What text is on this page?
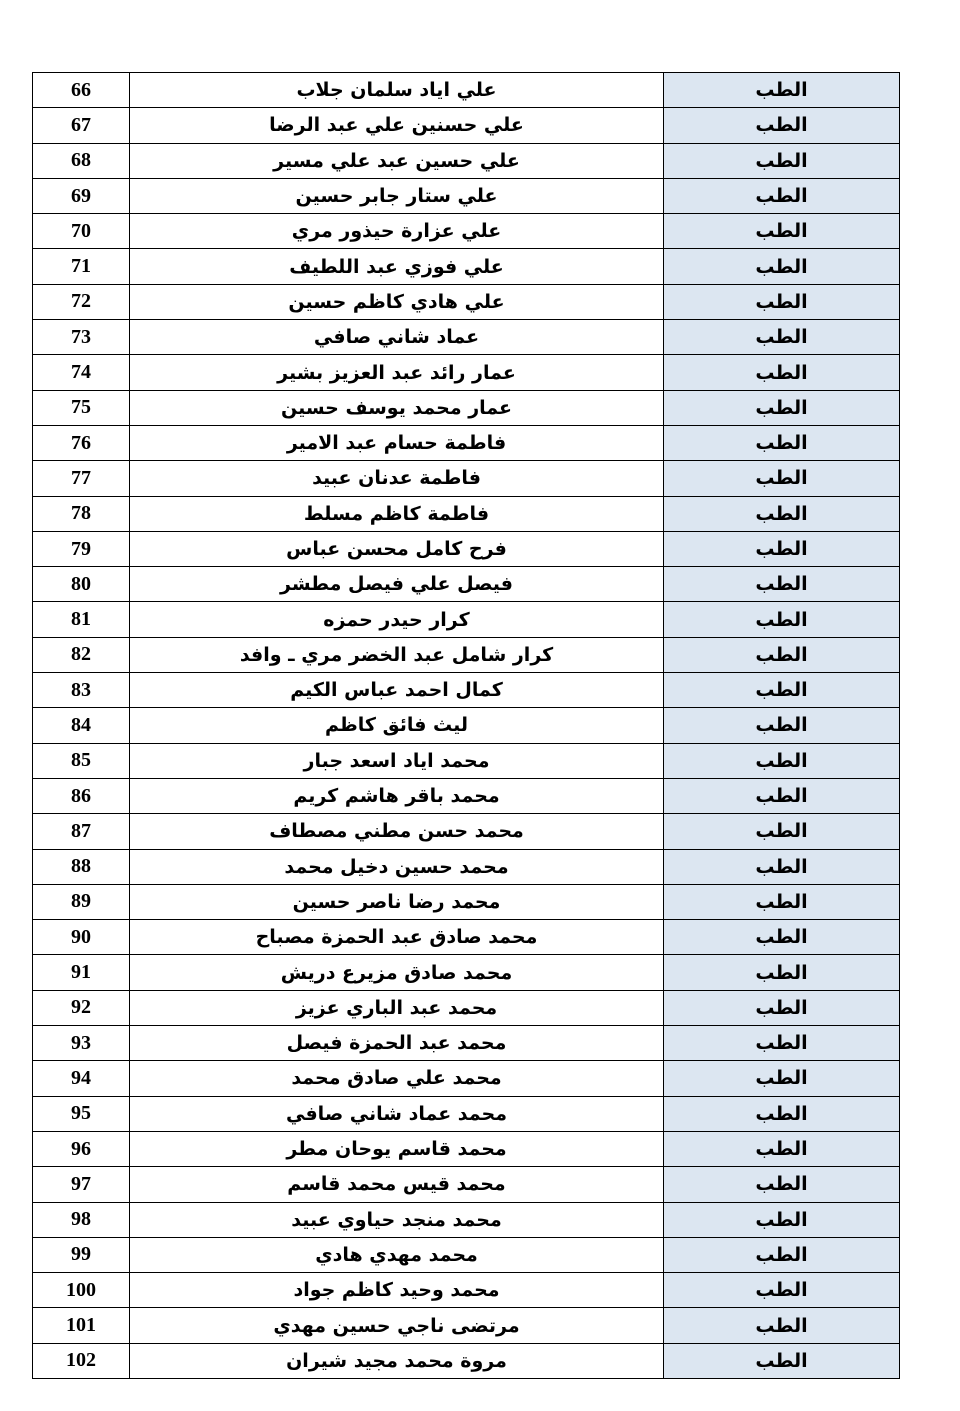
الطب	علي اياد سلمان جلاب	66
الطب	علي حسنين علي عبد الرضا	67
الطب	علي حسين عبد علي مسير	68
الطب	علي ستار جابر حسين	69
الطب	علي عزارة حيذور مري	70
الطب	علي فوزي عبد اللطيف	71
الطب	علي هادي كاظم حسين	72
الطب	عماد شاني صافي	73
الطب	عمار رائد عبد العزيز بشير	74
الطب	عمار محمد يوسف حسين	75
الطب	فاطمة حسام عبد الامير	76
الطب	فاطمة عدنان عبيد	77
الطب	فاطمة كاظم مسلط	78
الطب	فرح كامل محسن عباس	79
الطب	فيصل علي فيصل مطشر	80
الطب	كرار حيدر حمزه	81
الطب	كرار شامل عبد الخضر مري ـ وافد	82
الطب	كمال احمد عباس الكيم	83
الطب	ليث فائق كاظم	84
الطب	محمد اياد اسعد جبار	85
الطب	محمد باقر هاشم كريم	86
الطب	محمد حسن مطني مصطاف	87
الطب	محمد حسين دخيل محمد	88
الطب	محمد رضا ناصر حسين	89
الطب	محمد صادق عبد الحمزة مصباح	90
الطب	محمد صادق مزيرع دريش	91
الطب	محمد عبد الباري عزيز	92
الطب	محمد عبد الحمزة فيصل	93
الطب	محمد علي صادق محمد	94
الطب	محمد عماد شاني صافي	95
الطب	محمد قاسم يوحان مطر	96
الطب	محمد قيس محمد قاسم	97
الطب	محمد منجد حياوي عبيد	98
الطب	محمد مهدي هادي	99
الطب	محمد وحيد كاظم جواد	100
الطب	مرتضى ناجي حسين مهدي	101
الطب	مروة محمد مجيد شيران	102
